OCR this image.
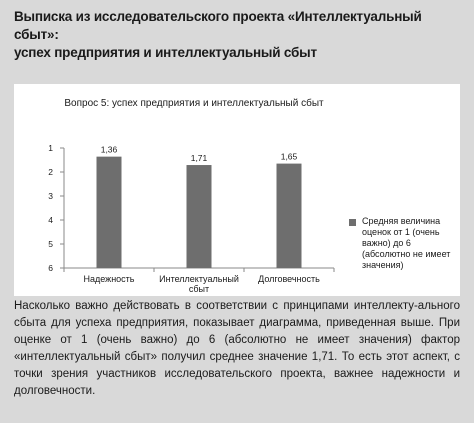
Выписка из исследовательского проекта «Интеллектуальный сбыт»:
успех предприятия и интеллектуальный сбыт
Вопрос 5: успех предприятия и интеллектуальный сбыт
1
2
3
4
5
6
1,36
Надежность
1,71
Интеллектуальный
сбыт
1,65
Долговечность
Средняя величина оценок от 1 (очень важно) до 6 (абсолютно не имеет значения)
Насколько важно действовать в соответствии с принципами интеллекту-ального сбыта для успеха предприятия, показывает диаграмма, приведенная выше. При оценке от 1 (очень важно) до 6 (абсолютно не имеет значения) фактор «интеллектуальный сбыт» получил среднее значение 1,71. То есть этот аспект, с точки зрения участников исследовательского проекта, важнее надежности и долговечности.
